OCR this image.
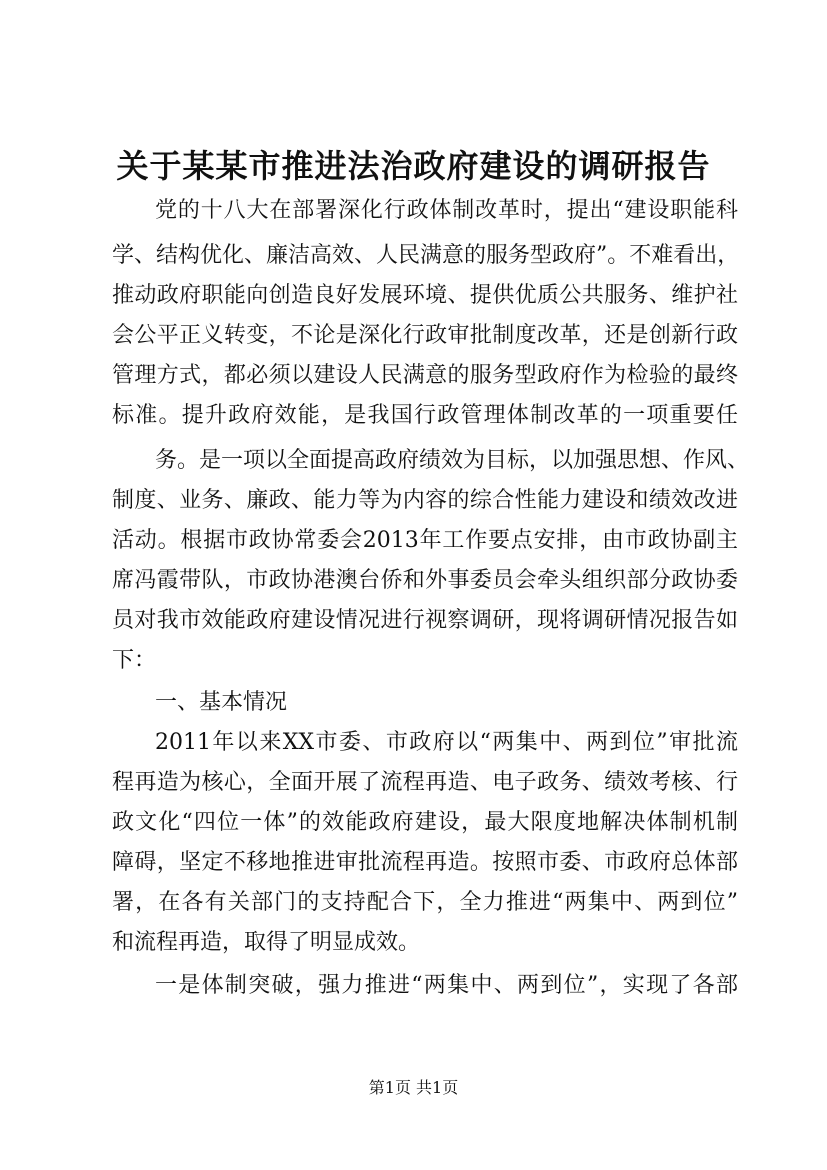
关于某某市推进法治政府建设的调研报告
党的十八大在部署深化行政体制改革时，提出“建设职能科
学、结构优化、廉洁高效、人民满意的服务型政府”。不难看出，
推动政府职能向创造良好发展环境、提供优质公共服务、维护社
会公平正义转变，不论是深化行政审批制度改革，还是创新行政
管理方式，都必须以建设人民满意的服务型政府作为检验的最终
标准。提升政府效能，是我国行政管理体制改革的一项重要任
务。是一项以全面提高政府绩效为目标，以加强思想、作风、
制度、业务、廉政、能力等为内容的综合性能力建设和绩效改进
活动。根据市政协常委会2013年工作要点安排，由市政协副主
席冯霞带队，市政协港澳台侨和外事委员会牵头组织部分政协委
员对我市效能政府建设情况进行视察调研，现将调研情况报告如
下：
一、基本情况
2011年以来XX市委、市政府以“两集中、两到位”审批流
程再造为核心，全面开展了流程再造、电子政务、绩效考核、行
政文化“四位一体”的效能政府建设，最大限度地解决体制机制
障碍，坚定不移地推进审批流程再造。按照市委、市政府总体部
署，在各有关部门的支持配合下，全力推进“两集中、两到位”
和流程再造，取得了明显成效。
一是体制突破，强力推进“两集中、两到位”，实现了各部
第1页 共1页
